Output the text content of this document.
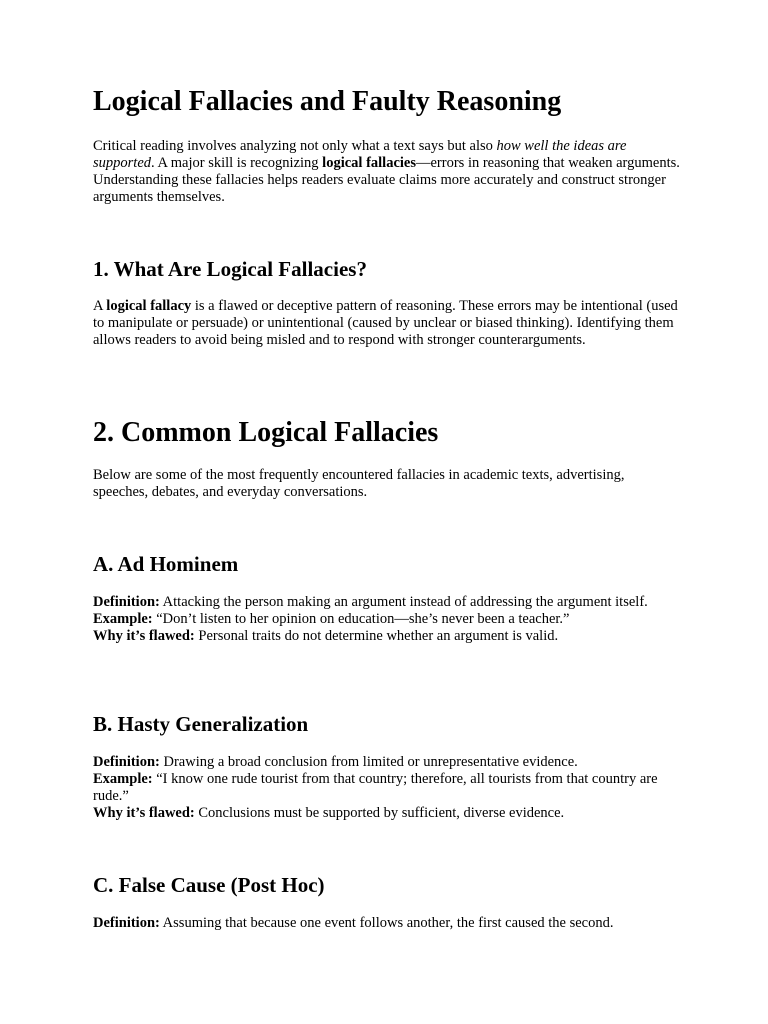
Logical Fallacies and Faulty Reasoning

Critical reading involves analyzing not only what a text says but also how well the ideas are supported. A major skill is recognizing logical fallacies—errors in reasoning that weaken arguments. Understanding these fallacies helps readers evaluate claims more accurately and construct stronger arguments themselves.

1. What Are Logical Fallacies?

A logical fallacy is a flawed or deceptive pattern of reasoning. These errors may be intentional (used to manipulate or persuade) or unintentional (caused by unclear or biased thinking). Identifying them allows readers to avoid being misled and to respond with stronger counterarguments.

2. Common Logical Fallacies

Below are some of the most frequently encountered fallacies in academic texts, advertising, speeches, debates, and everyday conversations.

A. Ad Hominem

Definition: Attacking the person making an argument instead of addressing the argument itself.

Example: “Don’t listen to her opinion on education—she’s never been a teacher.”

Why it’s flawed: Personal traits do not determine whether an argument is valid.

B. Hasty Generalization

Definition: Drawing a broad conclusion from limited or unrepresentative evidence.

Example: “I know one rude tourist from that country; therefore, all tourists from that country are rude.”

Why it’s flawed: Conclusions must be supported by sufficient, diverse evidence.

C. False Cause (Post Hoc)

Definition: Assuming that because one event follows another, the first caused the second.
